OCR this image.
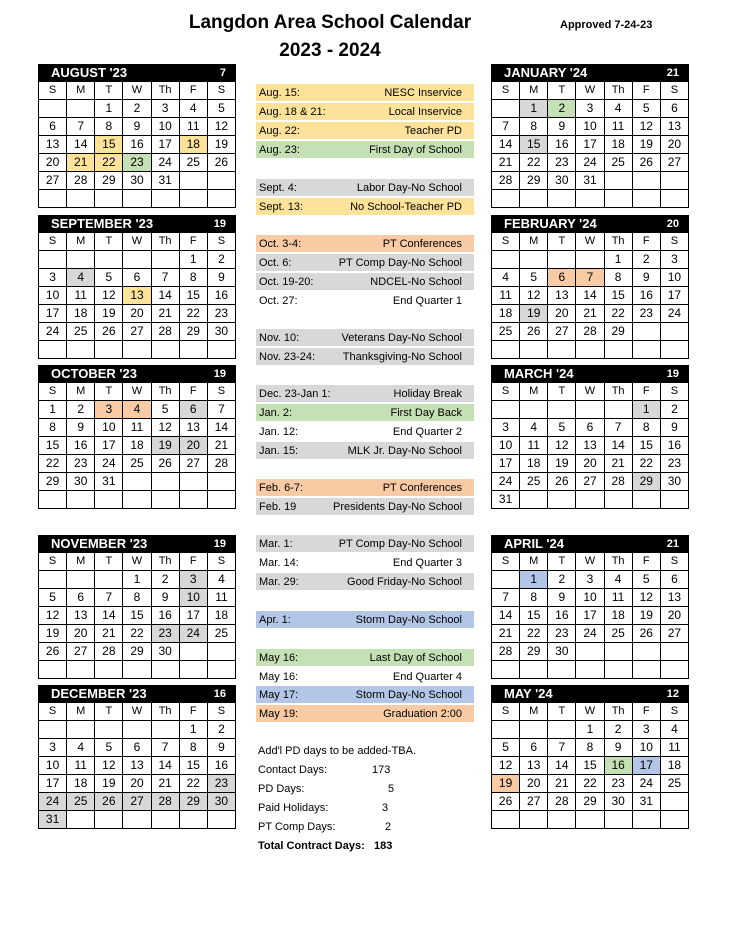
Langdon Area School Calendar
2023 - 2024
Approved 7-24-23
AUGUST '23	7
S	M	T	W	Th	F	S
		1	2	3	4	5
6	7	8	9	10	11	12
13	14	15	16	17	18	19
20	21	22	23	24	25	26
27	28	29	30	31		

SEPTEMBER '23	19
S	M	T	W	Th	F	S
					1	2
3	4	5	6	7	8	9
10	11	12	13	14	15	16
17	18	19	20	21	22	23
24	25	26	27	28	29	30

OCTOBER '23	19
S	M	T	W	Th	F	S
1	2	3	4	5	6	7
8	9	10	11	12	13	14
15	16	17	18	19	20	21
22	23	24	25	26	27	28
29	30	31				

NOVEMBER '23	19
S	M	T	W	Th	F	S
			1	2	3	4
5	6	7	8	9	10	11
12	13	14	15	16	17	18
19	20	21	22	23	24	25
26	27	28	29	30		

DECEMBER '23	16
S	M	T	W	Th	F	S
					1	2
3	4	5	6	7	8	9
10	11	12	13	14	15	16
17	18	19	20	21	22	23
24	25	26	27	28	29	30
31						
JANUARY '24	21
S	M	T	W	Th	F	S
	1	2	3	4	5	6
7	8	9	10	11	12	13
14	15	16	17	18	19	20
21	22	23	24	25	26	27
28	29	30	31			

FEBRUARY '24	20
S	M	T	W	Th	F	S
				1	2	3
4	5	6	7	8	9	10
11	12	13	14	15	16	17
18	19	20	21	22	23	24
25	26	27	28	29		

MARCH '24	19
S	M	T	W	Th	F	S
					1	2
3	4	5	6	7	8	9
10	11	12	13	14	15	16
17	18	19	20	21	22	23
24	25	26	27	28	29	30
31						
APRIL '24	21
S	M	T	W	Th	F	S
	1	2	3	4	5	6
7	8	9	10	11	12	13
14	15	16	17	18	19	20
21	22	23	24	25	26	27
28	29	30				

MAY '24	12
S	M	T	W	Th	F	S
			1	2	3	4
5	6	7	8	9	10	11
12	13	14	15	16	17	18
19	20	21	22	23	24	25
26	27	28	29	30	31	

Aug. 15:	NESC Inservice
Aug. 18 & 21:	Local Inservice
Aug. 22:	Teacher PD
Aug. 23:	First Day of School
Sept. 4:	Labor Day-No School
Sept. 13:	No School-Teacher PD
Oct. 3-4:	PT Conferences
Oct. 6:	PT Comp Day-No School
Oct. 19-20:	NDCEL-No School
Oct. 27:	End Quarter 1
Nov. 10:	Veterans Day-No School
Nov. 23-24:	Thanksgiving-No School
Dec. 23-Jan 1:	Holiday Break
Jan. 2:	First Day Back
Jan. 12:	End Quarter 2
Jan. 15:	MLK Jr. Day-No School
Feb. 6-7:	PT Conferences
Feb. 19	Presidents Day-No School
Mar. 1:	PT Comp Day-No School
Mar. 14:	End Quarter 3
Mar. 29:	Good Friday-No School
Apr. 1:	Storm Day-No School
May 16:	Last Day of School
May 16:	End Quarter 4
May 17:	Storm Day-No School
May 19:	Graduation 2:00
Add'l PD days to be added-TBA.
Contact Days:	173
PD Days:	5
Paid Holidays:	3
PT Comp Days:	2
Total Contract Days: 183
